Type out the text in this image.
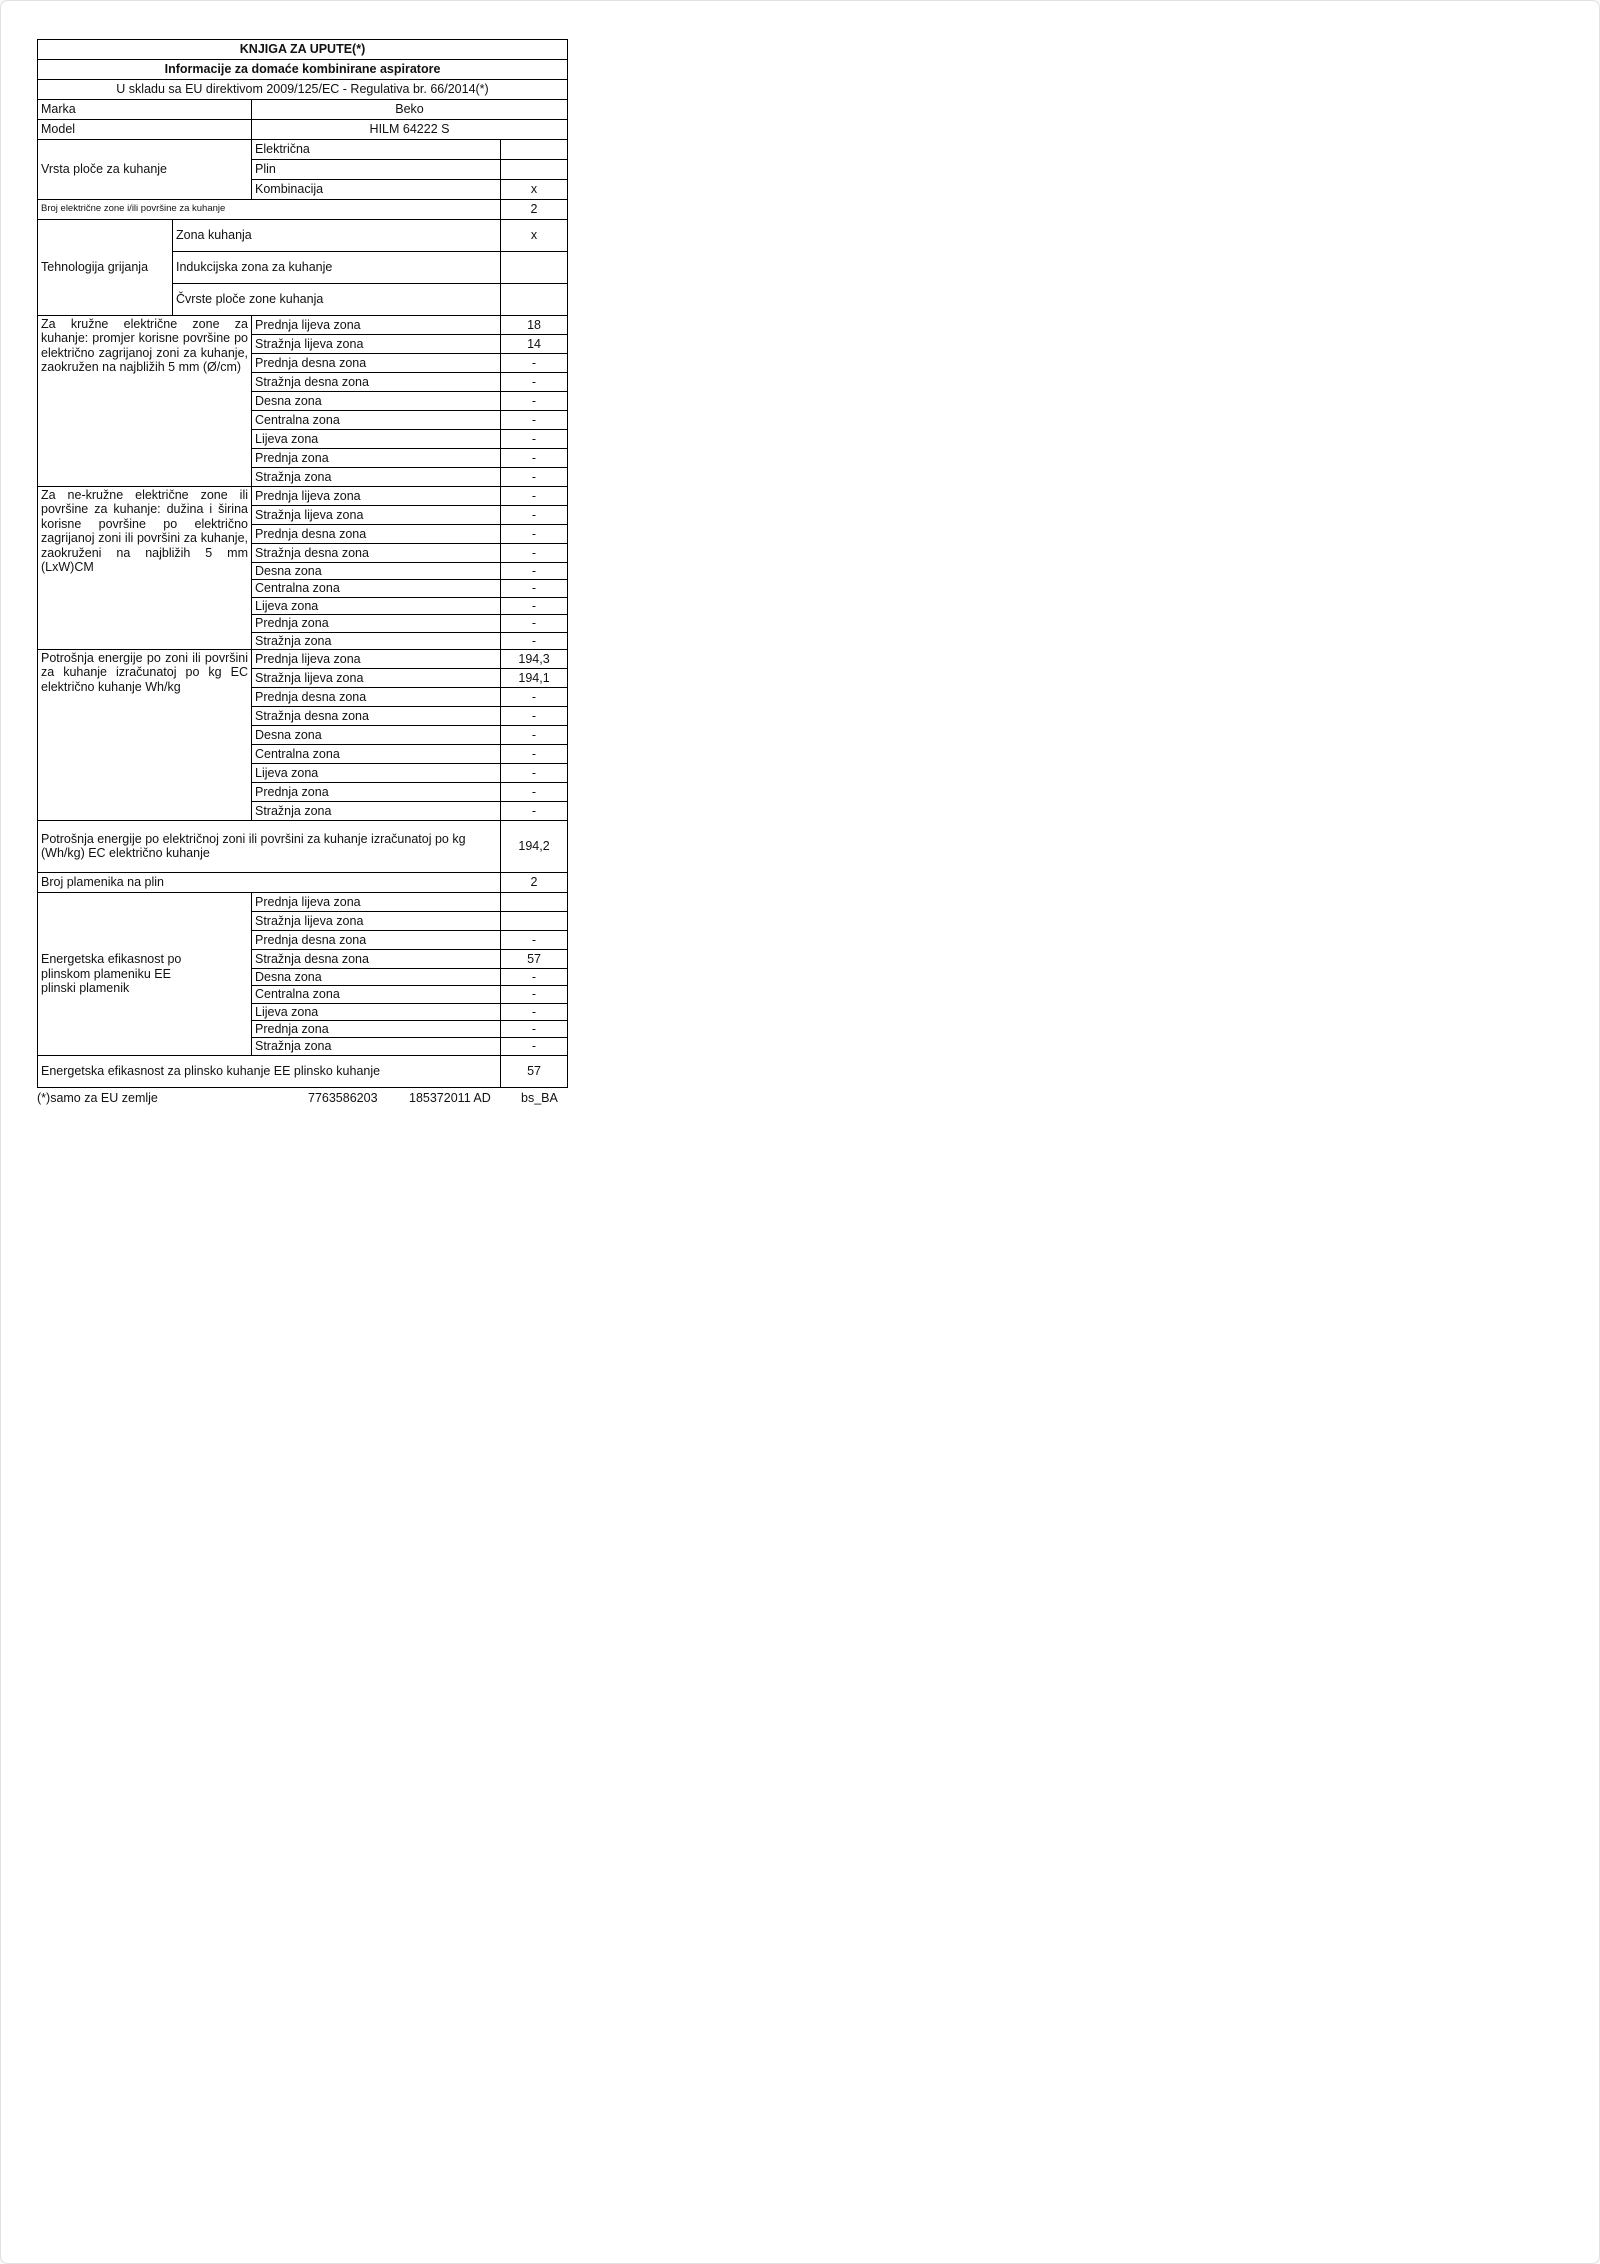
KNJIGA ZA UPUTE(*)			
Informacije za domaće kombinirane aspiratore			
U skladu sa EU direktivom 2009/125/EC - Regulativa br. 66/2014(*)			
Marka		Beko	
Model		HILM 64222 S	
Vrsta ploče za kuhanje		Električna	
		Plin	
		Kombinacija	x
Broj električne zone i/ili površine za kuhanje			2
Tehnologija grijanja	Zona kuhanja		x
	Indukcijska zona za kuhanje		
	Čvrste ploče zone kuhanja		
Za kružne električne zone za kuhanje: promjer korisne površine po električno zagrijanoj zoni za kuhanje, zaokružen na najbližih 5 mm (Ø/cm)		Prednja lijeva zona	18
		Stražnja lijeva zona	14
		Prednja desna zona	-
		Stražnja desna zona	-
		Desna zona	-
		Centralna zona	-
		Lijeva zona	-
		Prednja zona	-
		Stražnja zona	-
Za ne-kružne električne zone ili površine za kuhanje: dužina i širina korisne površine po električno zagrijanoj zoni ili površini za kuhanje, zaokruženi na najbližih 5 mm (LxW)CM		Prednja lijeva zona	-
		Stražnja lijeva zona	-
		Prednja desna zona	-
		Stražnja desna zona	-
		Desna zona	-
		Centralna zona	-
		Lijeva zona	-
		Prednja zona	-
		Stražnja zona	-
Potrošnja energije po zoni ili površini za kuhanje izračunatoj po kg EC električno kuhanje Wh/kg		Prednja lijeva zona	194,3
		Stražnja lijeva zona	194,1
		Prednja desna zona	-
		Stražnja desna zona	-
		Desna zona	-
		Centralna zona	-
		Lijeva zona	-
		Prednja zona	-
		Stražnja zona	-
Potrošnja energije po električnoj zoni ili površini za kuhanje izračunatoj po kg (Wh/kg) EC električno kuhanje			194,2
Broj plamenika na plin			2

Energetska efikasnost po plinskom plameniku EE plinski plamenik		Prednja lijeva zona	
		Stražnja lijeva zona	
		Prednja desna zona	-
		Stražnja desna zona	57
		Desna zona	-
		Centralna zona	-
		Lijeva zona	-
		Prednja zona	-
		Stražnja zona	-
Energetska efikasnost za plinsko kuhanje EE plinsko kuhanje			57
(*)samo za EU zemlje	7763586203	185372011 AD bs_BA
